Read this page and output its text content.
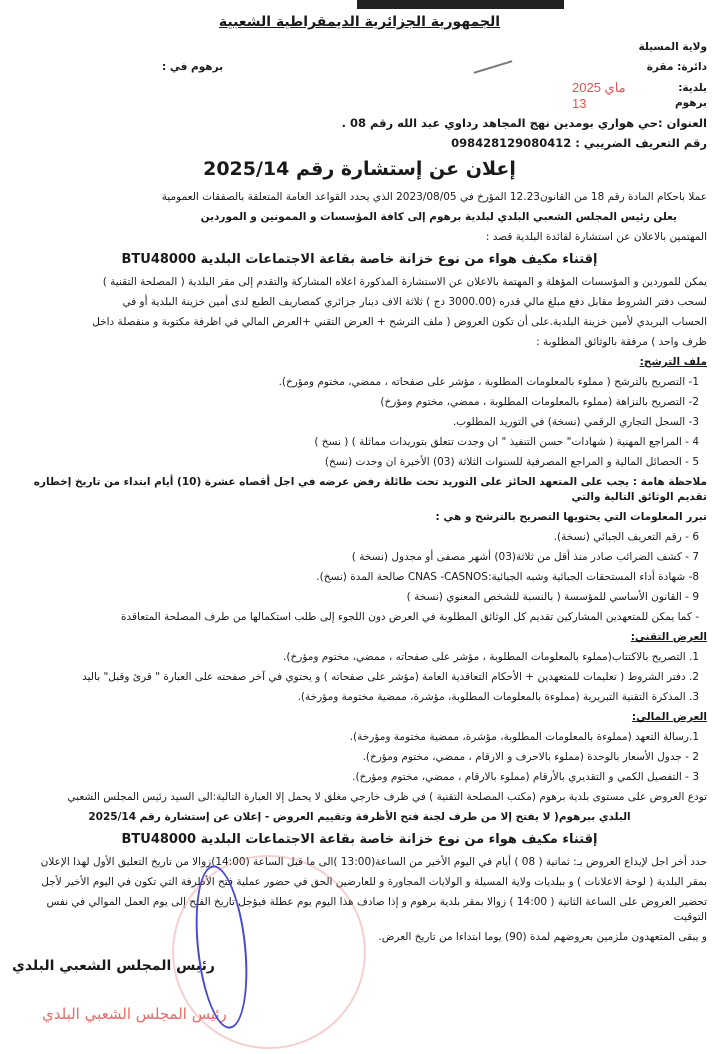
الجمهورية الجزائرية الديمقراطية الشعبية
ولاية المسيلة
دائرة: مقرة
برهوم في :
بلدية: برهوم
2025 ماي 13
العنوان :حي هواري بومدين نهج المجاهد رداوي عبد الله رقم 08 .
رقم التعريف الضريبي : 098428129080412
إعلان عن إستشارة رقم 2025/14
عملا باحكام المادة رقم 18 من القانون12.23 المؤرخ في 2023/08/05 الذي يحدد القواعد العامة المتعلقة بالصفقات العمومية
يعلن رئيس المجلس الشعبي البلدي لبلدية برهوم إلى كافة المؤسسات و الممونين و الموردين
المهتمين بالاعلان عن استشارة لفائدة البلدية قصد :
إقتناء مكيف هواء من نوع خزانة خاصة بقاعة الاجتماعات البلدية BTU48000
يمكن للموردين و المؤسسات المؤهلة و المهتمة بالاعلان عن الاستشارة المذكورة اعلاه المشاركة والتقدم إلى مقر البلدية ( المصلحة التقنية )
لسحب دفتر الشروط مقابل دفع مبلغ مالي قدره (3000.00 دج ) ثلاثة الاف دينار جزائري كمصاريف الطبع لدى أمين خزينة البلدية أو في
الحساب البريدي لأمين خزينة البلدية.على أن تكون العروض ( ملف الترشح + العرض التقني +العرض المالي في اظرفة مكتوبة و منفصلة داخل
ظرف واحد ) مرفقة بالوثائق المطلوبة :
ملف الترشح:
1- التصريح بالترشح ( مملوء بالمعلومات المطلوبة ، مؤشر على صفحاته ، ممضي، مختوم ومؤرخ).
2- التصريح بالنزاهة (مملوء بالمعلومات المطلوبة ، ممضي، مختوم ومؤرخ)
3- السجل التجاري الرقمي (نسخة) في التوريد المطلوب.
4 - المراجع المهنية ( شهادات" حسن التنفيذ " ان وجدت تتعلق بتوريدات مماثلة ) ( نسخ )
5 - الحصائل المالية و المراجع المصرفية للسنوات الثلاثة (03) الأخيرة ان وجدت (نسخ)
ملاحظة هامة : يجب على المتعهد الحائز على التوريد تحت طائلة رفض عرضه في اجل أقصاه عشرة (10) أيام ابتداء من تاريخ إخطاره تقديم الوثائق التالية والتي
تبرر المعلومات التي يحتويها التصريح بالترشح و هي :
6 - رقم التعريف الجبائي (نسخة).
7 - كشف الضرائب صادر منذ أقل من ثلاثة(03) أشهر مصفى أو مجدول (نسخة )
8- شهادة أداء المستحقات الجبائية وشبه الجبائية:CNAS -CASNOS صالحة المدة (نسخ).
9 - القانون الأساسي للمؤسسة ( بالنسبة للشخص المعنوي (نسخة )
- كما يمكن للمتعهدين المشاركين تقديم كل الوثائق المطلوبة في العرض دون اللجوء إلى طلب استكمالها من طرف المصلحة المتعاقدة
العرض التقني:
1. التصريح بالاكتتاب(مملوء بالمعلومات المطلوبة ، مؤشر على صفحاته ، ممضي، مختوم ومؤرخ).
2. دفتر الشروط ( تعليمات للمتعهدين + الأحكام التعاقدية العامة (مؤشر على صفحاته ) و يحتوي في آخر صفحته على العبارة " قرئ وقبل" باليد
3. المذكرة التقنية التبريرية (مملوءة بالمعلومات المطلوبة، مؤشرة، ممضية مختومة ومؤرخة).
العرض المالي:
1.رسالة التعهد (مملوءة بالمعلومات المطلوبة، مؤشرة، ممضية مختومة ومؤرخة).
2 - جدول الأسعار بالوحدة (مملوء بالاحرف و الارقام ، ممضي، مختوم ومؤرخ).
3 - التفصيل الكمي و التقديري بالأرقام (مملوء بالارقام ، ممضي، مختوم ومؤرخ).
تودع العروض على مستوى بلدية برهوم (مكتب المصلحة التقنية ) في ظرف خارجي مغلق لا يحمل إلا العبارة التالية:الى السيد رئيس المجلس الشعبي
البلدي ببرهوم( لا يفتح إلا من طرف لجنة فتح الأظرفة وتقييم العروض - إعلان عن إستشارة رقم 2025/14
إقتناء مكيف هواء من نوع خزانة خاصة بقاعة الاجتماعات البلدية BTU48000
حدد أخر اجل لإيداع العروض بـ: ثمانية ( 08 ) أيام في اليوم الأخير من الساعة(13:00 )الى ما قبل الساعة (14:00)زوالا من تاريخ التعليق الأول لهذا الإعلان
بمقر البلدية ( لوحة الاعلانات ) و ببلديات ولاية المسيلة و الولايات المجاورة و للعارضين الحق في حضور عملية فتح الأظرفة التي تكون في اليوم الأخير لأجل
تحضير العروض على الساعة الثانية ( 14:00 ) زوالا بمقر بلدية برهوم و إذا صادف هذا اليوم يوم عطلة فيؤجل تاريخ الفتح إلى يوم العمل الموالي في نفس التوقيت
و يبقى المتعهدون ملزمين بعروضهم لمدة (90) يوما ابتداءا من تاريخ العرض.
رئيس المجلس الشعبي البلدي
رئيس المجلس الشعبي البلدي
